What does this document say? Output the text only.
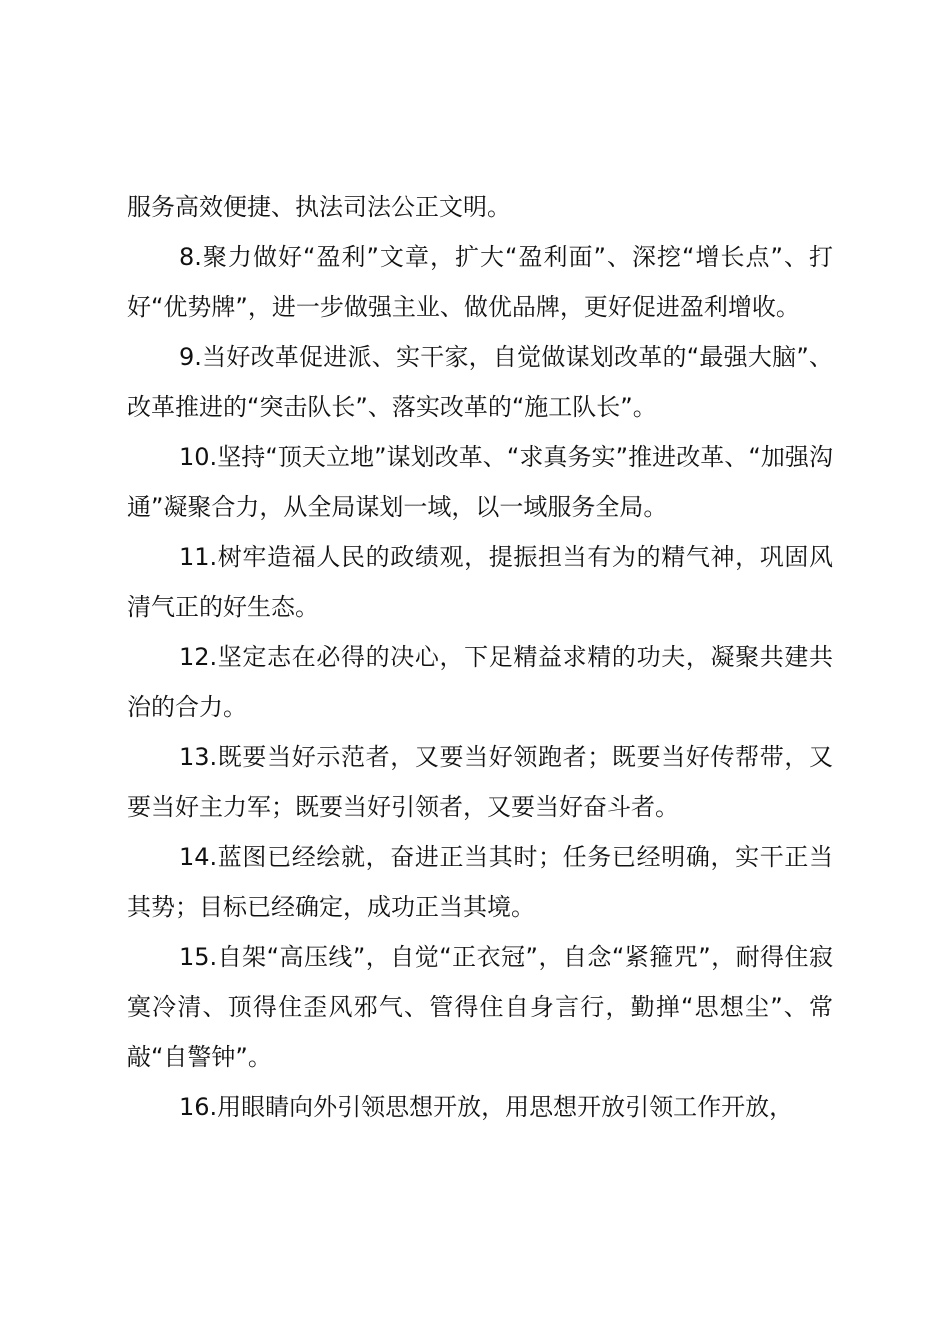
服务高效便捷、执法司法公正文明。

8.聚力做好“盈利”文章，扩大“盈利面”、深挖“增长点”、打好“优势牌”，进一步做强主业、做优品牌，更好促进盈利增收。

9.当好改革促进派、实干家，自觉做谋划改革的“最强大脑”、改革推进的“突击队长”、落实改革的“施工队长”。

10.坚持“顶天立地”谋划改革、“求真务实”推进改革、“加强沟通”凝聚合力，从全局谋划一域，以一域服务全局。

11.树牢造福人民的政绩观，提振担当有为的精气神，巩固风清气正的好生态。

12.坚定志在必得的决心，下足精益求精的功夫，凝聚共建共治的合力。

13.既要当好示范者，又要当好领跑者；既要当好传帮带，又要当好主力军；既要当好引领者，又要当好奋斗者。

14.蓝图已经绘就，奋进正当其时；任务已经明确，实干正当其势；目标已经确定，成功正当其境。

15.自架“高压线”，自觉“正衣冠”，自念“紧箍咒”，耐得住寂寞冷清、顶得住歪风邪气、管得住自身言行，勤掸“思想尘”、常敲“自警钟”。

16.用眼睛向外引领思想开放，用思想开放引领工作开放，
